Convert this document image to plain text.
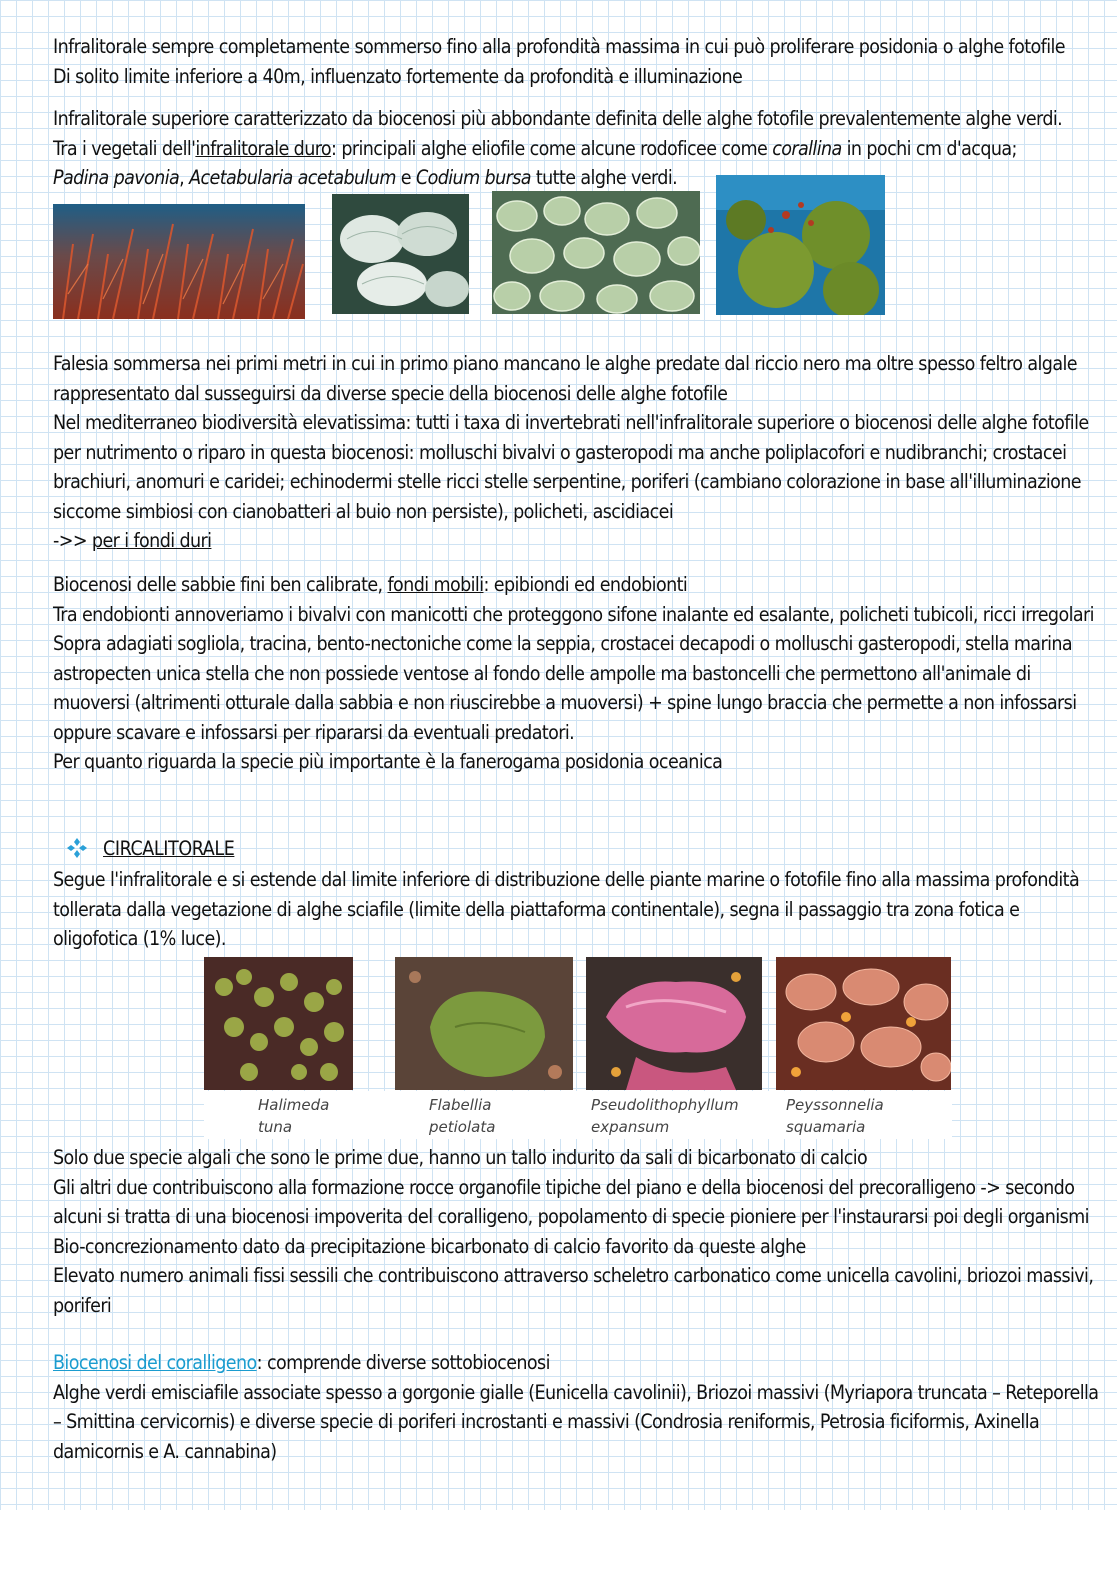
Infralitorale sempre completamente sommerso fino alla profondità massima in cui può proliferare posidonia o alghe fotofile
Di solito limite inferiore a 40m, influenzato fortemente da profondità e illuminazione
Infralitorale superiore caratterizzato da biocenosi più abbondante definita delle alghe fotofile prevalentemente alghe verdi.
Tra i vegetali dell'infralitorale duro: principali alghe eliofile come alcune rodoficee come corallina in pochi cm d'acqua;
Padina pavonia, Acetabularia acetabulum e Codium bursa tutte alghe verdi.
Falesia sommersa nei primi metri in cui in primo piano mancano le alghe predate dal riccio nero ma oltre spesso feltro algale rappresentato dal susseguirsi da diverse specie della biocenosi delle alghe fotofile
Nel mediterraneo biodiversità elevatissima: tutti i taxa di invertebrati nell'infralitorale superiore o biocenosi delle alghe fotofile per nutrimento o riparo in questa biocenosi: molluschi bivalvi o gasteropodi ma anche poliplacofori e nudibranchi; crostacei brachiuri, anomuri e caridei; echinodermi stelle ricci stelle serpentine, poriferi (cambiano colorazione in base all'illuminazione siccome simbiosi con cianobatteri al buio non persiste), policheti, ascidiacei
->> per i fondi duri
Biocenosi delle sabbie fini ben calibrate, fondi mobili: epibiondi ed endobionti
Tra endobionti annoveriamo i bivalvi con manicotti che proteggono sifone inalante ed esalante, policheti tubicoli, ricci irregolari
Sopra adagiati sogliola, tracina, bento-nectoniche come la seppia, crostacei decapodi o molluschi gasteropodi, stella marina astropecten unica stella che non possiede ventose al fondo delle ampolle ma bastoncelli che permettono all'animale di muoversi (altrimenti otturale dalla sabbia e non riuscirebbe a muoversi) + spine lungo braccia che permette a non infossarsi oppure scavare e infossarsi per ripararsi da eventuali predatori.
Per quanto riguarda la specie più importante è la fanerogama posidonia oceanica
CIRCALITORALE
Segue l'infralitorale e si estende dal limite inferiore di distribuzione delle piante marine o fotofile fino alla massima profondità tollerata dalla vegetazione di alghe sciafile (limite della piattaforma continentale), segna il passaggio tra zona fotica e oligofotica (1% luce).
Halimeda
tuna
Flabellia
petiolata
Pseudolithophyllum
expansum
Peyssonnelia
squamaria
Solo due specie algali che sono le prime due, hanno un tallo indurito da sali di bicarbonato di calcio
Gli altri due contribuiscono alla formazione rocce organofile tipiche del piano e della biocenosi del precoralligeno -> secondo alcuni si tratta di una biocenosi impoverita del coralligeno, popolamento di specie pioniere per l'instaurarsi poi degli organismi
Bio-concrezionamento dato da precipitazione bicarbonato di calcio favorito da queste alghe
Elevato numero animali fissi sessili che contribuiscono attraverso scheletro carbonatico come unicella cavolini, briozoi massivi, poriferi
Biocenosi del coralligeno: comprende diverse sottobiocenosi
Alghe verdi emisciafile associate spesso a gorgonie gialle (Eunicella cavolinii), Briozoi massivi (Myriapora truncata – Reteporella – Smittina cervicornis) e diverse specie di poriferi incrostanti e massivi (Condrosia reniformis, Petrosia ficiformis, Axinella damicornis e A. cannabina)
